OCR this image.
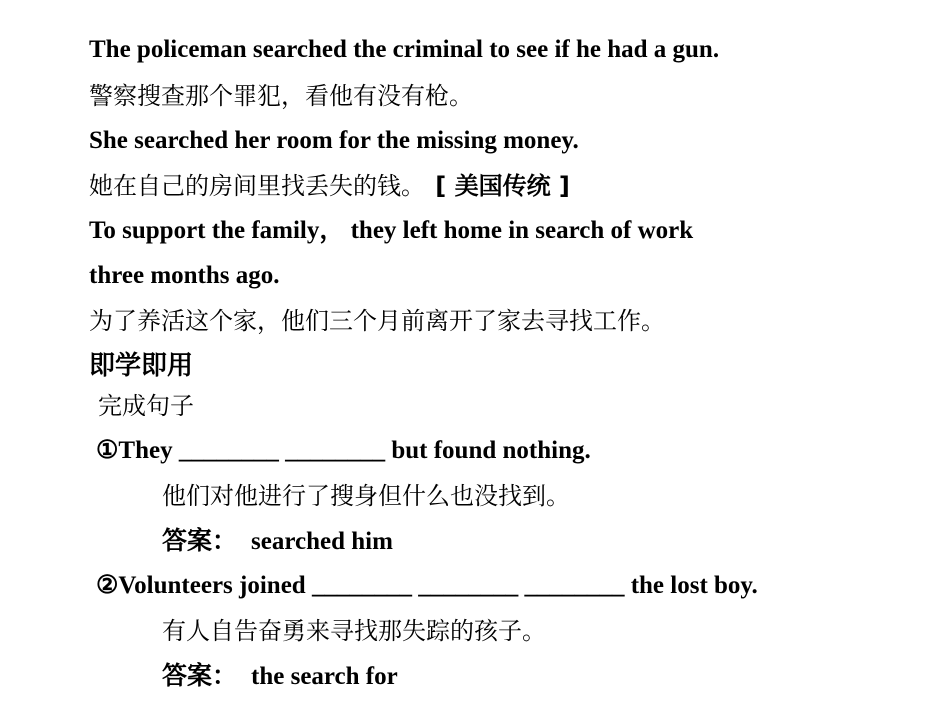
The policeman searched the criminal to see if he had a gun.
警察搜查那个罪犯，看他有没有枪。
She searched her room for the missing money.
她在自己的房间里找丢失的钱。 [ 美国传统 ]
To support the family， they left home in search of work
three months ago.
为了养活这个家，他们三个月前离开了家去寻找工作。
即学即用
完成句子
①They ________ ________ but found nothing.
他们对他进行了搜身但什么也没找到。
答案： searched him
②Volunteers joined ________ ________ ________ the lost boy.
有人自告奋勇来寻找那失踪的孩子。
答案： the search for
